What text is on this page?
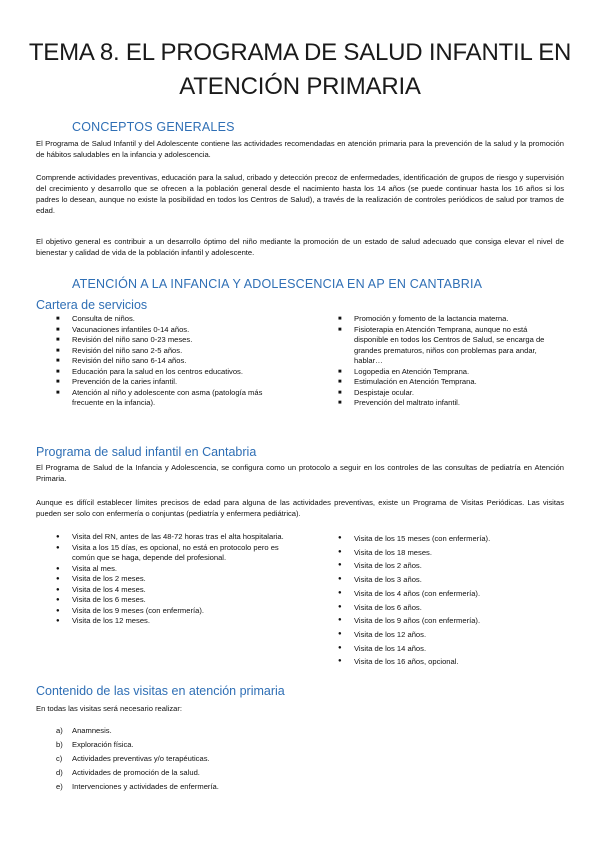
TEMA 8. EL PROGRAMA DE SALUD INFANTIL EN
ATENCIÓN PRIMARIA
CONCEPTOS GENERALES

El Programa de Salud Infantil y del Adolescente contiene las actividades recomendadas en atención primaria para la prevención de la salud y la promoción de hábitos saludables en la infancia y adolescencia.

Comprende actividades preventivas, educación para la salud, cribado y detección precoz de enfermedades, identificación de grupos de riesgo y supervisión del crecimiento y desarrollo que se ofrecen a la población general desde el nacimiento hasta los 14 años (se puede continuar hasta los 16 años si los padres lo desean, aunque no existe la posibilidad en todos los Centros de Salud), a través de la realización de controles periódicos de salud por tramos de edad.

El objetivo general es contribuir a un desarrollo óptimo del niño mediante la promoción de un estado de salud adecuado que consiga elevar el nivel de bienestar y calidad de vida de la población infantil y adolescente.

ATENCIÓN A LA INFANCIA Y ADOLESCENCIA EN AP EN CANTABRIA
Cartera de servicios
■ Consulta de niños.
■ Vacunaciones infantiles 0-14 años.
■ Revisión del niño sano 0-23 meses.
■ Revisión del niño sano 2-5 años.
■ Revisión del niño sano 6-14 años.
■ Educación para la salud en los centros educativos.
■ Prevención de la caries infantil.
■ Atención al niño y adolescente con asma (patología más frecuente en la infancia).
■ Promoción y fomento de la lactancia materna.
■ Fisioterapia en Atención Temprana, aunque no está disponible en todos los Centros de Salud, se encarga de grandes prematuros, niños con problemas para andar, hablar…
■ Logopedia en Atención Temprana.
■ Estimulación en Atención Temprana.
■ Despistaje ocular.
■ Prevención del maltrato infantil.
Programa de salud infantil en Cantabria

El Programa de Salud de la Infancia y Adolescencia, se configura como un protocolo a seguir en los controles de las consultas de pediatría en Atención Primaria.

Aunque es difícil establecer límites precisos de edad para alguna de las actividades preventivas, existe un Programa de Visitas Periódicas. Las visitas pueden ser solo con enfermería o conjuntas (pediatría y enfermera pediátrica).

● Visita del RN, antes de las 48-72 horas tras el alta hospitalaria.
● Visita a los 15 días, es opcional, no está en protocolo pero es común que se haga, depende del profesional.
● Visita al mes.
● Visita de los 2 meses.
● Visita de los 4 meses.
● Visita de los 6 meses.
● Visita de los 9 meses (con enfermería).
● Visita de los 12 meses.
● Visita de los 15 meses (con enfermería).
● Visita de los 18 meses.
● Visita de los 2 años.
● Visita de los 3 años.
● Visita de los 4 años (con enfermería).
● Visita de los 6 años.
● Visita de los 9 años (con enfermería).
● Visita de los 12 años.
● Visita de los 14 años.
● Visita de los 16 años, opcional.
Contenido de las visitas en atención primaria

En todas las visitas será necesario realizar:

a) Anamnesis.
b) Exploración física.
c) Actividades preventivas y/o terapéuticas.
d) Actividades de promoción de la salud.
e) Intervenciones y actividades de enfermería.
